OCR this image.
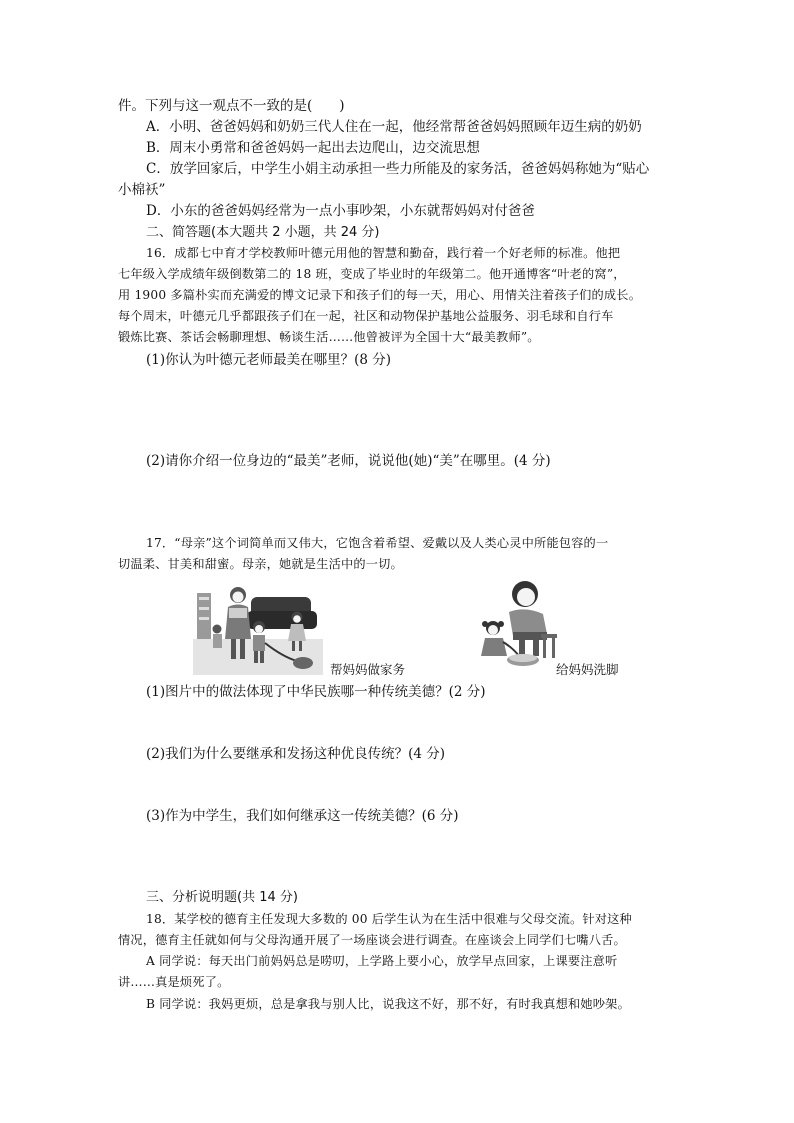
件。下列与这一观点不一致的是(　　)
A．小明、爸爸妈妈和奶奶三代人住在一起，他经常帮爸爸妈妈照顾年迈生病的奶奶
B．周末小勇常和爸爸妈妈一起出去边爬山，边交流思想
C．放学回家后，中学生小娟主动承担一些力所能及的家务活，爸爸妈妈称她为“贴心
小棉袄”
D．小东的爸爸妈妈经常为一点小事吵架，小东就帮妈妈对付爸爸
二、简答题(本大题共 2 小题，共 24 分)
16．成都七中育才学校教师叶德元用他的智慧和勤奋，践行着一个好老师的标准。他把
七年级入学成绩年级倒数第二的 18 班，变成了毕业时的年级第二。他开通博客“叶老的窝”，
用 1900 多篇朴实而充满爱的博文记录下和孩子们的每一天，用心、用情关注着孩子们的成长。
每个周末，叶德元几乎都跟孩子们在一起，社区和动物保护基地公益服务、羽毛球和自行车
锻炼比赛、茶话会畅聊理想、畅谈生活……他曾被评为全国十大“最美教师”。
(1)你认为叶德元老师最美在哪里？(8 分)
(2)请你介绍一位身边的“最美”老师，说说他(她)“美”在哪里。(4 分)
17．“母亲”这个词简单而又伟大，它饱含着希望、爱戴以及人类心灵中所能包容的一
切温柔、甘美和甜蜜。母亲，她就是生活中的一切。
帮妈妈做家务	给妈妈洗脚
(1)图片中的做法体现了中华民族哪一种传统美德？(2 分)
(2)我们为什么要继承和发扬这种优良传统？(4 分)
(3)作为中学生，我们如何继承这一传统美德？(6 分)
三、分析说明题(共 14 分)
18．某学校的德育主任发现大多数的 00 后学生认为在生活中很难与父母交流。针对这种
情况，德育主任就如何与父母沟通开展了一场座谈会进行调查。在座谈会上同学们七嘴八舌。
A 同学说：每天出门前妈妈总是唠叨，上学路上要小心，放学早点回家，上课要注意听
讲……真是烦死了。
B 同学说：我妈更烦，总是拿我与别人比，说我这不好，那不好，有时我真想和她吵架。
